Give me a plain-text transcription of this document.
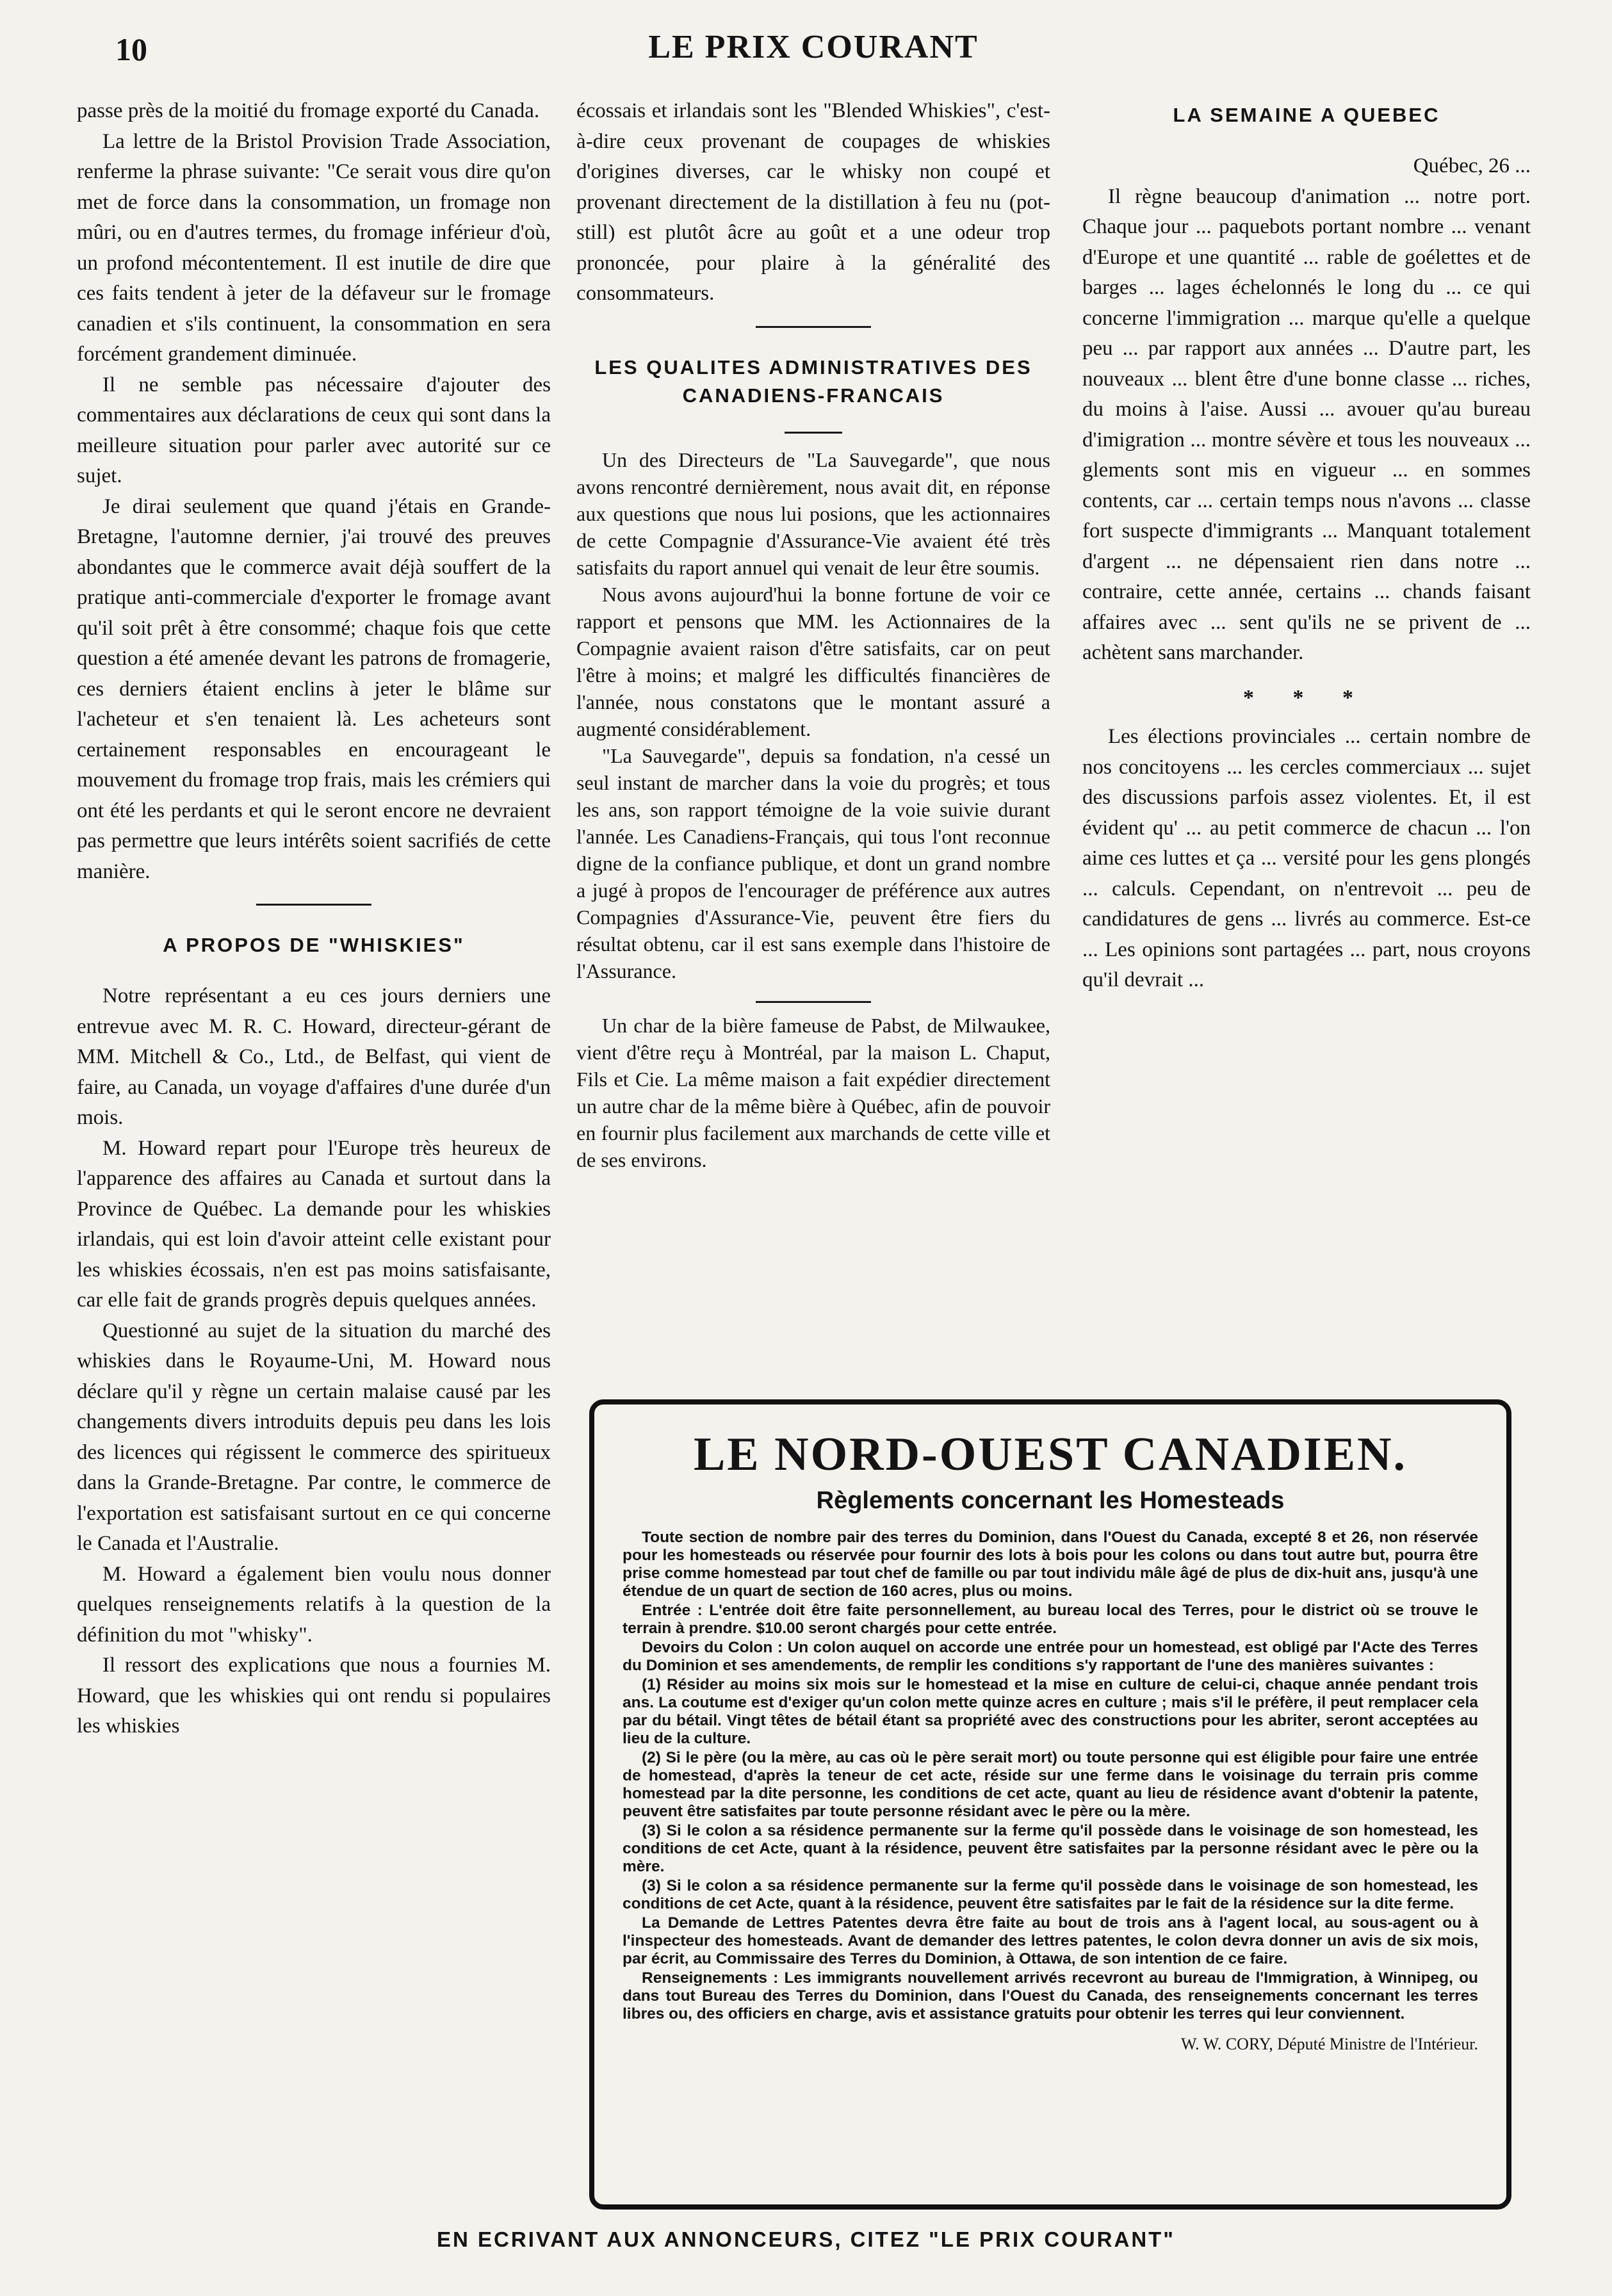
10	LE PRIX COURANT

passe près de la moitié du fromage exporté du Canada.

La lettre de la Bristol Provision Trade Association, renferme la phrase suivante: "Ce serait vous dire qu'on met de force dans la consommation, un fromage non mûri, ou en d'autres termes, du fromage inférieur d'où, un profond mécontentement. Il est inutile de dire que ces faits tendent à jeter de la défaveur sur le fromage canadien et s'ils continuent, la consommation en sera forcément grandement diminuée.

Il ne semble pas nécessaire d'ajouter des commentaires aux déclarations de ceux qui sont dans la meilleure situation pour parler avec autorité sur ce sujet.

Je dirai seulement que quand j'étais en Grande-Bretagne, l'automne dernier, j'ai trouvé des preuves abondantes que le commerce avait déjà souffert de la pratique anti-commerciale d'exporter le fromage avant qu'il soit prêt à être consommé; chaque fois que cette question a été amenée devant les patrons de fromagerie, ces derniers étaient enclins à jeter le blâme sur l'acheteur et s'en tenaient là. Les acheteurs sont certainement responsables en encourageant le mouvement du fromage trop frais, mais les crémiers qui ont été les perdants et qui le seront encore ne devraient pas permettre que leurs intérêts soient sacrifiés de cette manière.

A PROPOS DE "WHISKIES"

Notre représentant a eu ces jours derniers une entrevue avec M. R. C. Howard, directeur-gérant de MM. Mitchell & Co., Ltd., de Belfast, qui vient de faire, au Canada, un voyage d'affaires d'une durée d'un mois.

M. Howard repart pour l'Europe très heureux de l'apparence des affaires au Canada et surtout dans la Province de Québec. La demande pour les whiskies irlandais, qui est loin d'avoir atteint celle existant pour les whiskies écossais, n'en est pas moins satisfaisante, car elle fait de grands progrès depuis quelques années.

Questionné au sujet de la situation du marché des whiskies dans le Royaume-Uni, M. Howard nous déclare qu'il y règne un certain malaise causé par les changements divers introduits depuis peu dans les lois des licences qui régissent le commerce des spiritueux dans la Grande-Bretagne. Par contre, le commerce de l'exportation est satisfaisant surtout en ce qui concerne le Canada et l'Australie.

M. Howard a également bien voulu nous donner quelques renseignements relatifs à la question de la définition du mot "whisky".

Il ressort des explications que nous a fournies M. Howard, que les whiskies qui ont rendu si populaires les whiskies

écossais et irlandais sont les "Blended Whiskies", c'est-à-dire ceux provenant de coupages de whiskies d'origines diverses, car le whisky non coupé et provenant directement de la distillation à feu nu (pot-still) est plutôt âcre au goût et a une odeur trop prononcée, pour plaire à la généralité des consommateurs.

LES QUALITES ADMINISTRATIVES DES CANADIENS-FRANCAIS

Un des Directeurs de "La Sauvegarde", que nous avons rencontré dernièrement, nous avait dit, en réponse aux questions que nous lui posions, que les actionnaires de cette Compagnie d'Assurance-Vie avaient été très satisfaits du raport annuel qui venait de leur être soumis.

Nous avons aujourd'hui la bonne fortune de voir ce rapport et pensons que MM. les Actionnaires de la Compagnie avaient raison d'être satisfaits, car on peut l'être à moins; et malgré les difficultés financières de l'année, nous constatons que le montant assuré a augmenté considérablement.

"La Sauvegarde", depuis sa fondation, n'a cessé un seul instant de marcher dans la voie du progrès; et tous les ans, son rapport témoigne de la voie suivie durant l'année. Les Canadiens-Français, qui tous l'ont reconnue digne de la confiance publique, et dont un grand nombre a jugé à propos de l'encourager de préférence aux autres Compagnies d'Assurance-Vie, peuvent être fiers du résultat obtenu, car il est sans exemple dans l'histoire de l'Assurance.

Un char de la bière fameuse de Pabst, de Milwaukee, vient d'être reçu à Montréal, par la maison L. Chaput, Fils et Cie. La même maison a fait expédier directement un autre char de la même bière à Québec, afin de pouvoir en fournir plus facilement aux marchands de cette ville et de ses environs.

LA SEMAINE A QUEBEC

Québec, 26 ...

Il règne beaucoup d'animation ... notre port. Chaque jour ... paquebots portant nombre ... venant d'Europe et une quantité ... rable de goélettes et de barges ... lages échelonnés le long du ... ce qui concerne l'immigration ... marque qu'elle a quelque peu ... par rapport aux années ... D'autre part, les nouveaux ... blent être d'une bonne classe ... riches, du moins à l'aise. Aussi ... avouer qu'au bureau d'imigration ... montre sévère et tous les nouveaux ... glements sont mis en vigueur ... en sommes contents, car ... certain temps nous n'avons ... classe fort suspecte d'immigrants ... Manquant totalement d'argent ... ne dépensaient rien dans notre ... contraire, cette année, certains ... chands faisant affaires avec ... sent qu'ils ne se privent de ... achètent sans marchander.

* * *

Les élections provinciales ... certain nombre de nos concitoyens ... les cercles commerciaux ... sujet des discussions parfois assez violentes. Et, il est évident qu' ... au petit commerce de chacun ... l'on aime ces luttes et ça ... versité pour les gens plongés ... calculs. Cependant, on n'entrevoit ... peu de candidatures de gens ... livrés au commerce. Est-ce ... Les opinions sont partagées ... part, nous croyons qu'il devrait ...

LE NORD-OUEST CANADIEN.
Règlements concernant les Homesteads

Toute section de nombre pair des terres du Dominion, dans l'Ouest du Canada, excepté 8 et 26, non réservée pour les homesteads ou réservée pour fournir des lots à bois pour les colons ou dans tout autre but, pourra être prise comme homestead par tout chef de famille ou par tout individu mâle âgé de plus de dix-huit ans, jusqu'à une étendue de un quart de section de 160 acres, plus ou moins.

Entrée : L'entrée doit être faite personnellement, au bureau local des Terres, pour le district où se trouve le terrain à prendre. $10.00 seront chargés pour cette entrée.

Devoirs du Colon : Un colon auquel on accorde une entrée pour un homestead, est obligé par l'Acte des Terres du Dominion et ses amendements, de remplir les conditions s'y rapportant de l'une des manières suivantes :

(1) Résider au moins six mois sur le homestead et la mise en culture de celui-ci, chaque année pendant trois ans. La coutume est d'exiger qu'un colon mette quinze acres en culture ; mais s'il le préfère, il peut remplacer cela par du bétail. Vingt têtes de bétail étant sa propriété avec des constructions pour les abriter, seront acceptées au lieu de la culture.

(2) Si le père (ou la mère, au cas où le père serait mort) ou toute personne qui est éligible pour faire une entrée de homestead, d'après la teneur de cet acte, réside sur une ferme dans le voisinage du terrain pris comme homestead par la dite personne, les conditions de cet acte, quant au lieu de résidence avant d'obtenir la patente, peuvent être satisfaites par toute personne résidant avec le père ou la mère.

(3) Si le colon a sa résidence permanente sur la ferme qu'il possède dans le voisinage de son homestead, les conditions de cet Acte, quant à la résidence, peuvent être satisfaites par la personne résidant avec le père ou la mère.

(3) Si le colon a sa résidence permanente sur la ferme qu'il possède dans le voisinage de son homestead, les conditions de cet Acte, quant à la résidence, peuvent être satisfaites par le fait de la résidence sur la dite ferme.

La Demande de Lettres Patentes devra être faite au bout de trois ans à l'agent local, au sous-agent ou à l'inspecteur des homesteads. Avant de demander des lettres patentes, le colon devra donner un avis de six mois, par écrit, au Commissaire des Terres du Dominion, à Ottawa, de son intention de ce faire.

Renseignements : Les immigrants nouvellement arrivés recevront au bureau de l'Immigration, à Winnipeg, ou dans tout Bureau des Terres du Dominion, dans l'Ouest du Canada, des renseignements concernant les terres libres ou, des officiers en charge, avis et assistance gratuits pour obtenir les terres qui leur conviennent.

W. W. CORY, Député Ministre de l'Intérieur.
EN ECRIVANT AUX ANNONCEURS, CITEZ "LE PRIX COURANT"
